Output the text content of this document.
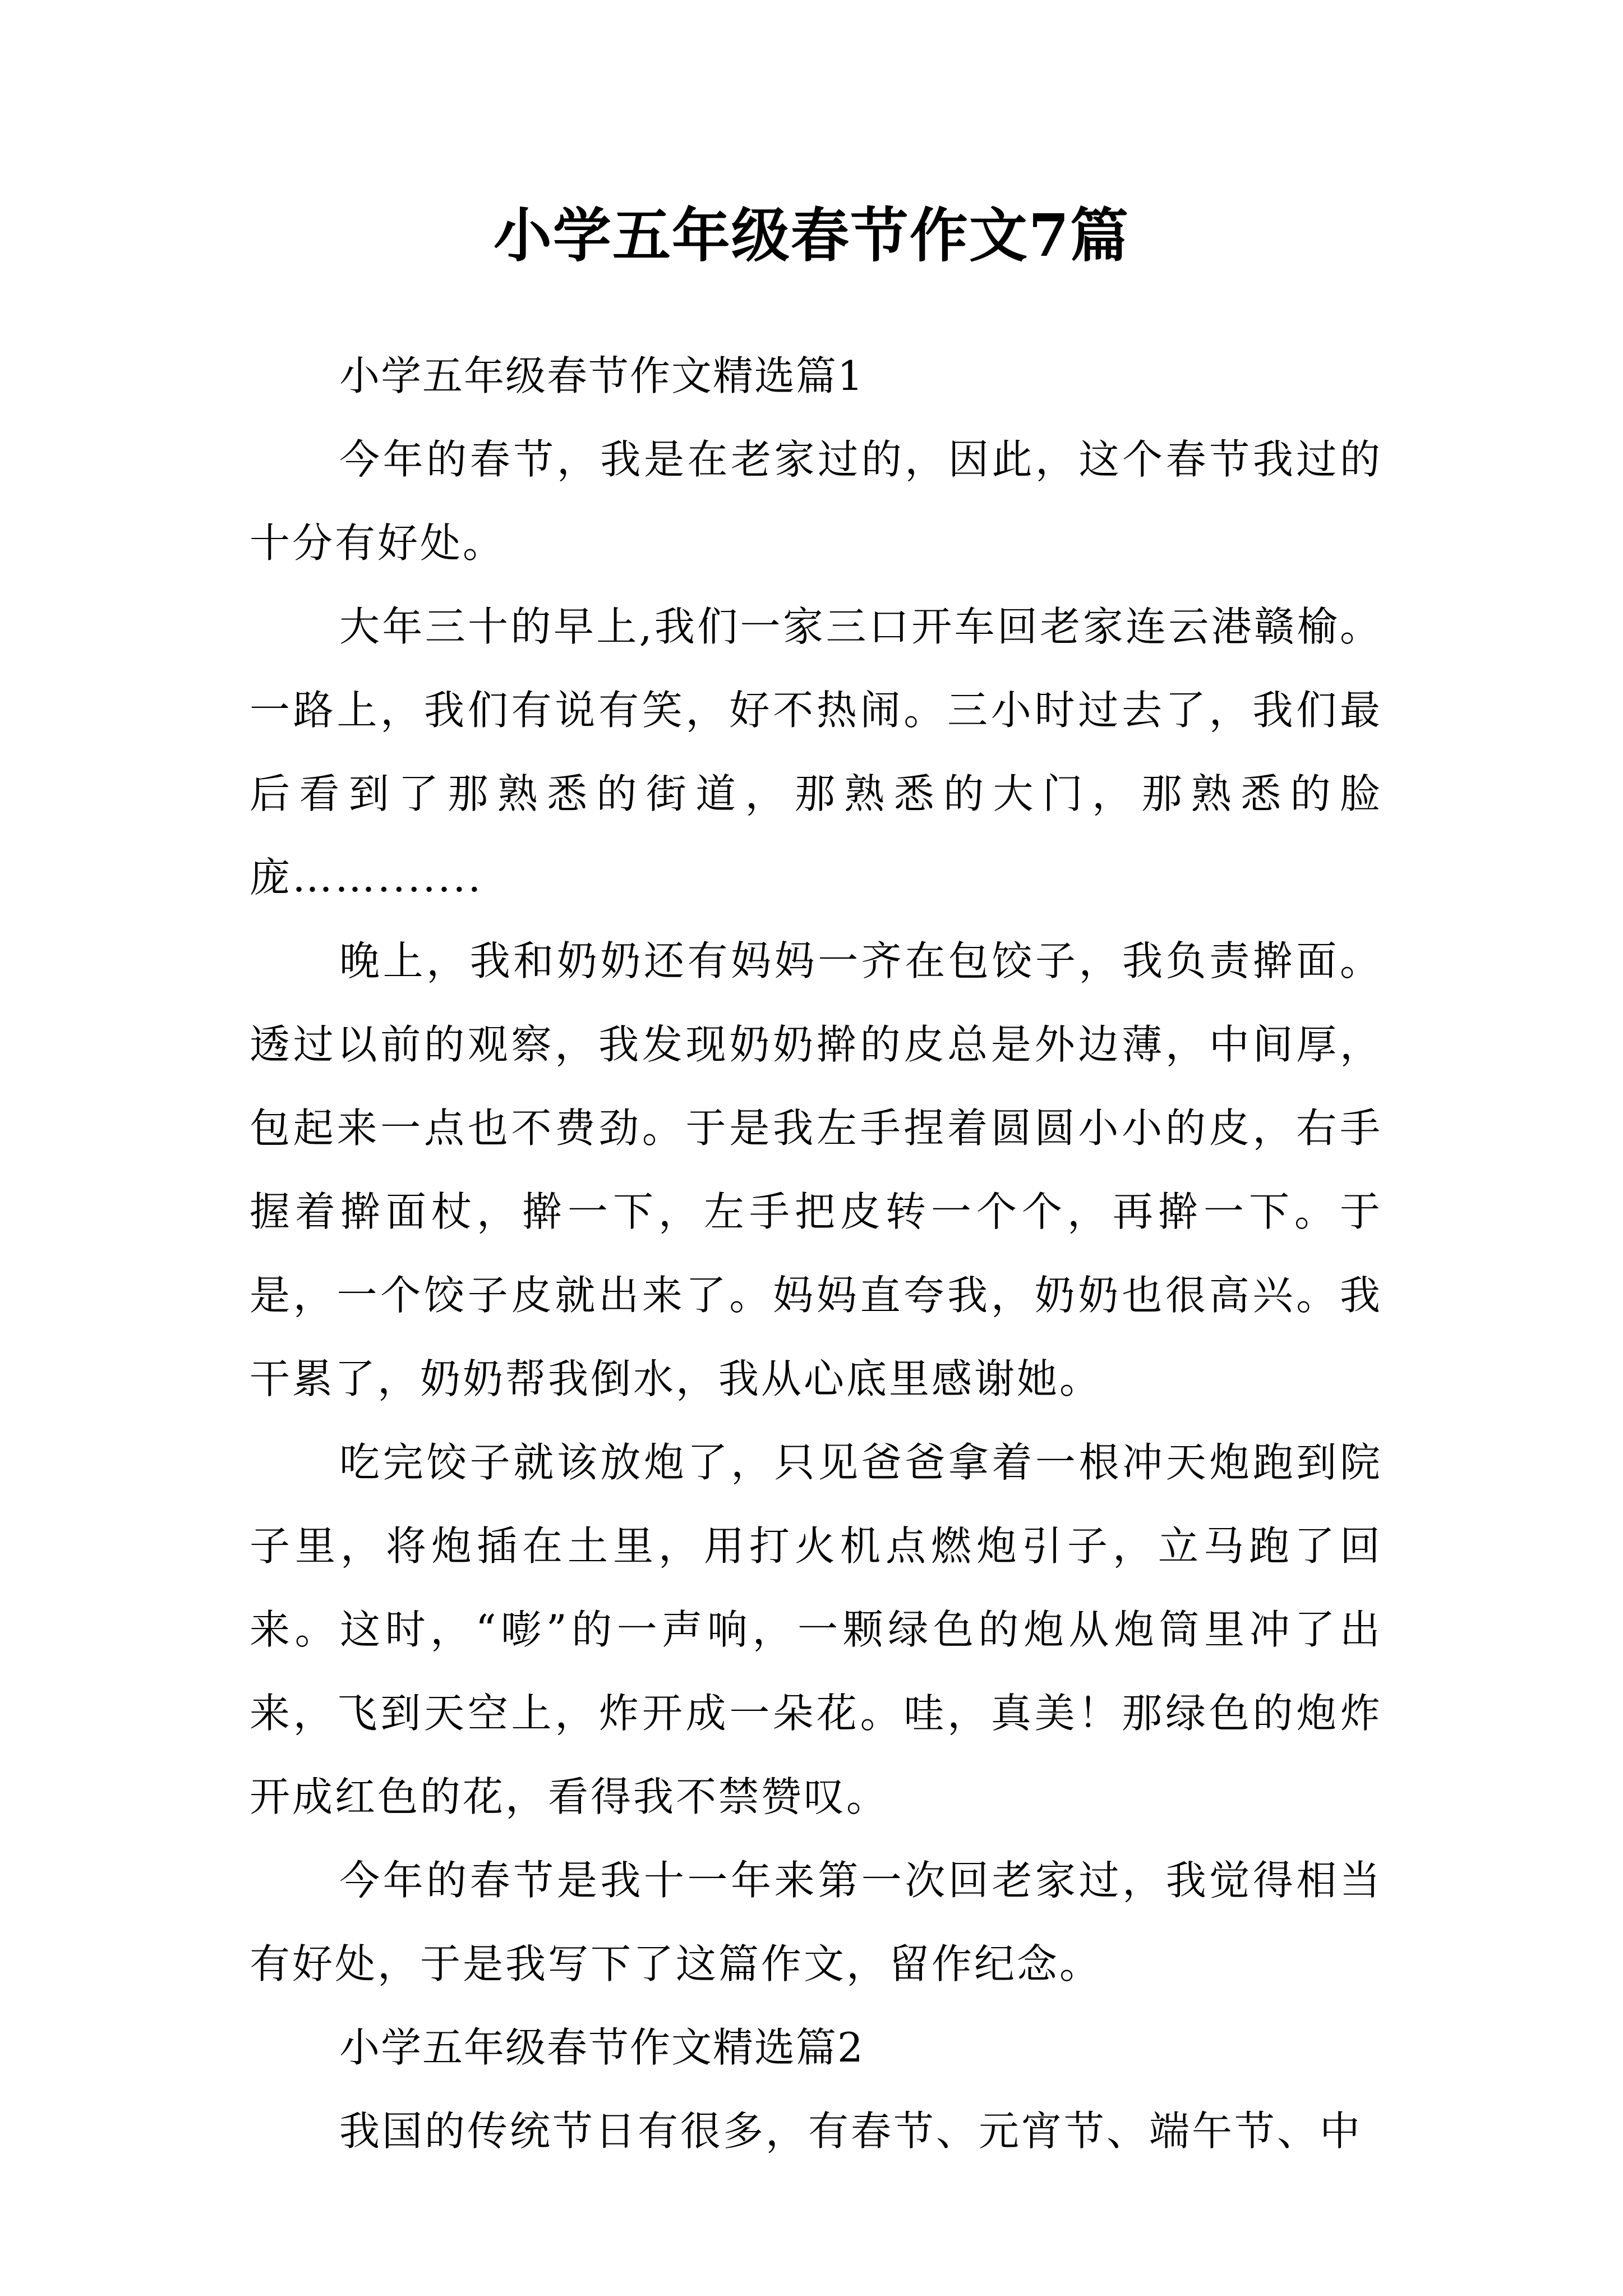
小学五年级春节作文7篇

小学五年级春节作文精选篇1

今年的春节，我是在老家过的，因此，这个春节我过的十分有好处。

大年三十的早上,我们一家三口开车回老家连云港赣榆。一路上，我们有说有笑，好不热闹。三小时过去了，我们最后看到了那熟悉的街道，那熟悉的大门，那熟悉的脸庞…….......

晚上，我和奶奶还有妈妈一齐在包饺子，我负责擀面。透过以前的观察，我发现奶奶擀的皮总是外边薄，中间厚，包起来一点也不费劲。于是我左手捏着圆圆小小的皮，右手握着擀面杖，擀一下，左手把皮转一个个，再擀一下。于是，一个饺子皮就出来了。妈妈直夸我，奶奶也很高兴。我干累了，奶奶帮我倒水，我从心底里感谢她。

吃完饺子就该放炮了，只见爸爸拿着一根冲天炮跑到院子里，将炮插在土里，用打火机点燃炮引子，立马跑了回来。这时，“嘭”的一声响，一颗绿色的炮从炮筒里冲了出来，飞到天空上，炸开成一朵花。哇，真美！那绿色的炮炸开成红色的花，看得我不禁赞叹。

今年的春节是我十一年来第一次回老家过，我觉得相当有好处，于是我写下了这篇作文，留作纪念。

小学五年级春节作文精选篇2

我国的传统节日有很多，有春节、元宵节、端午节、中
